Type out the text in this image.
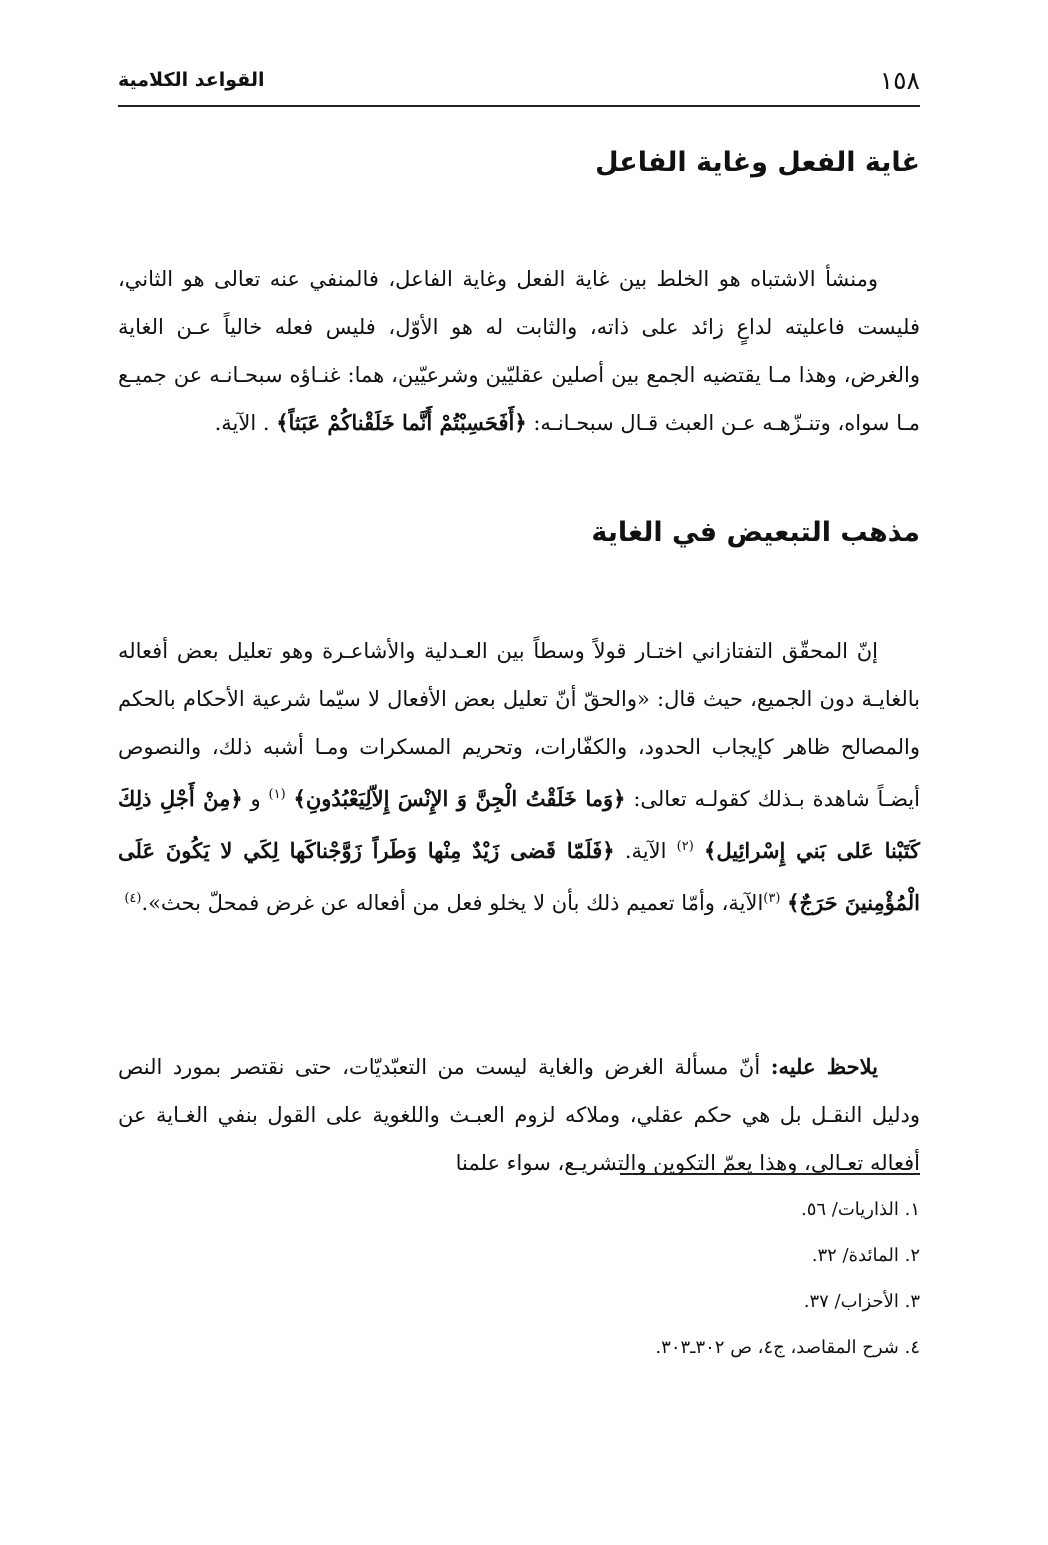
١٥٨
القواعد الكلامية
غاية الفعل وغاية الفاعل

ومنشأ الاشتباه هو الخلط بين غاية الفعل وغاية الفاعل، فالمنفي عنه تعالى هو الثاني، فليست فاعليته لداعٍ زائد على ذاته، والثابت له هو الأوّل، فليس فعله خالياً عـن الغاية والغرض، وهذا مـا يقتضيه الجمع بين أصلين عقليّين وشرعيّين، هما: غنـاؤه سبحـانـه عن جميـع مـا سواه، وتنـزّهـه عـن العبث قـال سبحـانـه: ﴿أَفَحَسِبْتُمْ أَنَّما خَلَقْناكُمْ عَبَثاً﴾ . الآية.

مذهب التبعيض في الغاية

إنّ المحقّق التفتازاني اختـار قولاً وسطاً بين العـدلية والأشاعـرة وهو تعليل بعض أفعاله بالغايـة دون الجميع، حيث قال: «والحقّ أنّ تعليل بعض الأفعال لا سيّما شرعية الأحكام بالحكم والمصالح ظاهر كإيجاب الحدود، والكفّارات، وتحريم المسكرات ومـا أشبه ذلك، والنصوص أيضـاً شاهدة بـذلك كقولـه تعالى: ﴿وَما خَلَقْتُ الْجِنَّ وَ الإِنْسَ إِلاّلِيَعْبُدُونِ﴾ $^{(١)}$ و ﴿مِنْ أَجْلِ ذلِكَ كَتَبْنا عَلى بَني إِسْرائِيل﴾ $^{(٢)}$ الآية. ﴿فَلَمّا قَضى زَيْدٌ مِنْها وَطَراً زَوَّجْناكَها لِكَي لا يَكُونَ عَلَى الْمُؤْمِنينَ حَرَجٌ﴾ $^{(٣)}$الآية، وأمّا تعميم ذلك بأن لا يخلو فعل من أفعاله عن غرض فمحلّ بحث».$^{(٤)}$

يلاحظ عليه: أنّ مسألة الغرض والغاية ليست من التعبّديّات، حتى نقتصر بمورد النص ودليل النقـل بل هي حكم عقلي، وملاكه لزوم العبـث واللغوية على القول بنفي الغـاية عن أفعاله تعـالى، وهذا يعمّ التكوين والتشريـع، سواء علمنا

١. الذاريات/ ٥٦.
٢. المائدة/ ٣٢.
٣. الأحزاب/ ٣٧.
٤. شرح المقاصد، ج٤، ص ٣٠٢ـ٣٠٣.
